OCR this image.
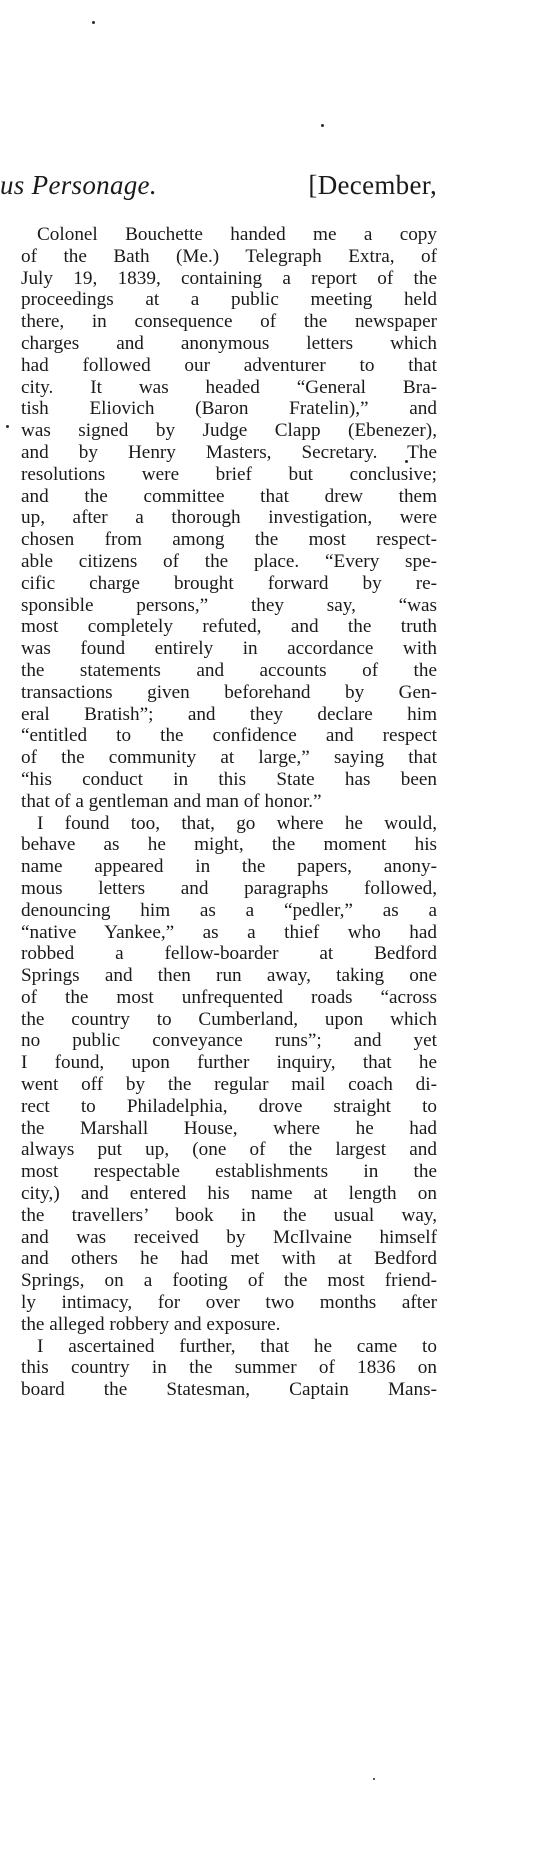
us Personage.	[December,
Colonel Bouchette handed me a copy
of the Bath (Me.) Telegraph Extra, of
July 19, 1839, containing a report of the
proceedings at a public meeting held
there, in consequence of the newspaper
charges and anonymous letters which
had followed our adventurer to that
city. It was headed “General Bra-
tish Eliovich (Baron Fratelin),” and
was signed by Judge Clapp (Ebenezer),
and by Henry Masters, Secretary. The
resolutions were brief but conclusive;
and the committee that drew them
up, after a thorough investigation, were
chosen from among the most respect-
able citizens of the place. “Every spe-
cific charge brought forward by re-
sponsible persons,” they say, “was
most completely refuted, and the truth
was found entirely in accordance with
the statements and accounts of the
transactions given beforehand by Gen-
eral Bratish”; and they declare him
“entitled to the confidence and respect
of the community at large,” saying that
“his conduct in this State has been
that of a gentleman and man of honor.”
I found too, that, go where he would,
behave as he might, the moment his
name appeared in the papers, anony-
mous letters and paragraphs followed,
denouncing him as a “pedler,” as a
“native Yankee,” as a thief who had
robbed a fellow-boarder at Bedford
Springs and then run away, taking one
of the most unfrequented roads “across
the country to Cumberland, upon which
no public conveyance runs”; and yet
I found, upon further inquiry, that he
went off by the regular mail coach di-
rect to Philadelphia, drove straight to
the Marshall House, where he had
always put up, (one of the largest and
most respectable establishments in the
city,) and entered his name at length on
the travellers’ book in the usual way,
and was received by McIlvaine himself
and others he had met with at Bedford
Springs, on a footing of the most friend-
ly intimacy, for over two months after
the alleged robbery and exposure.
I ascertained further, that he came to
this country in the summer of 1836 on
board the Statesman, Captain Mans-
